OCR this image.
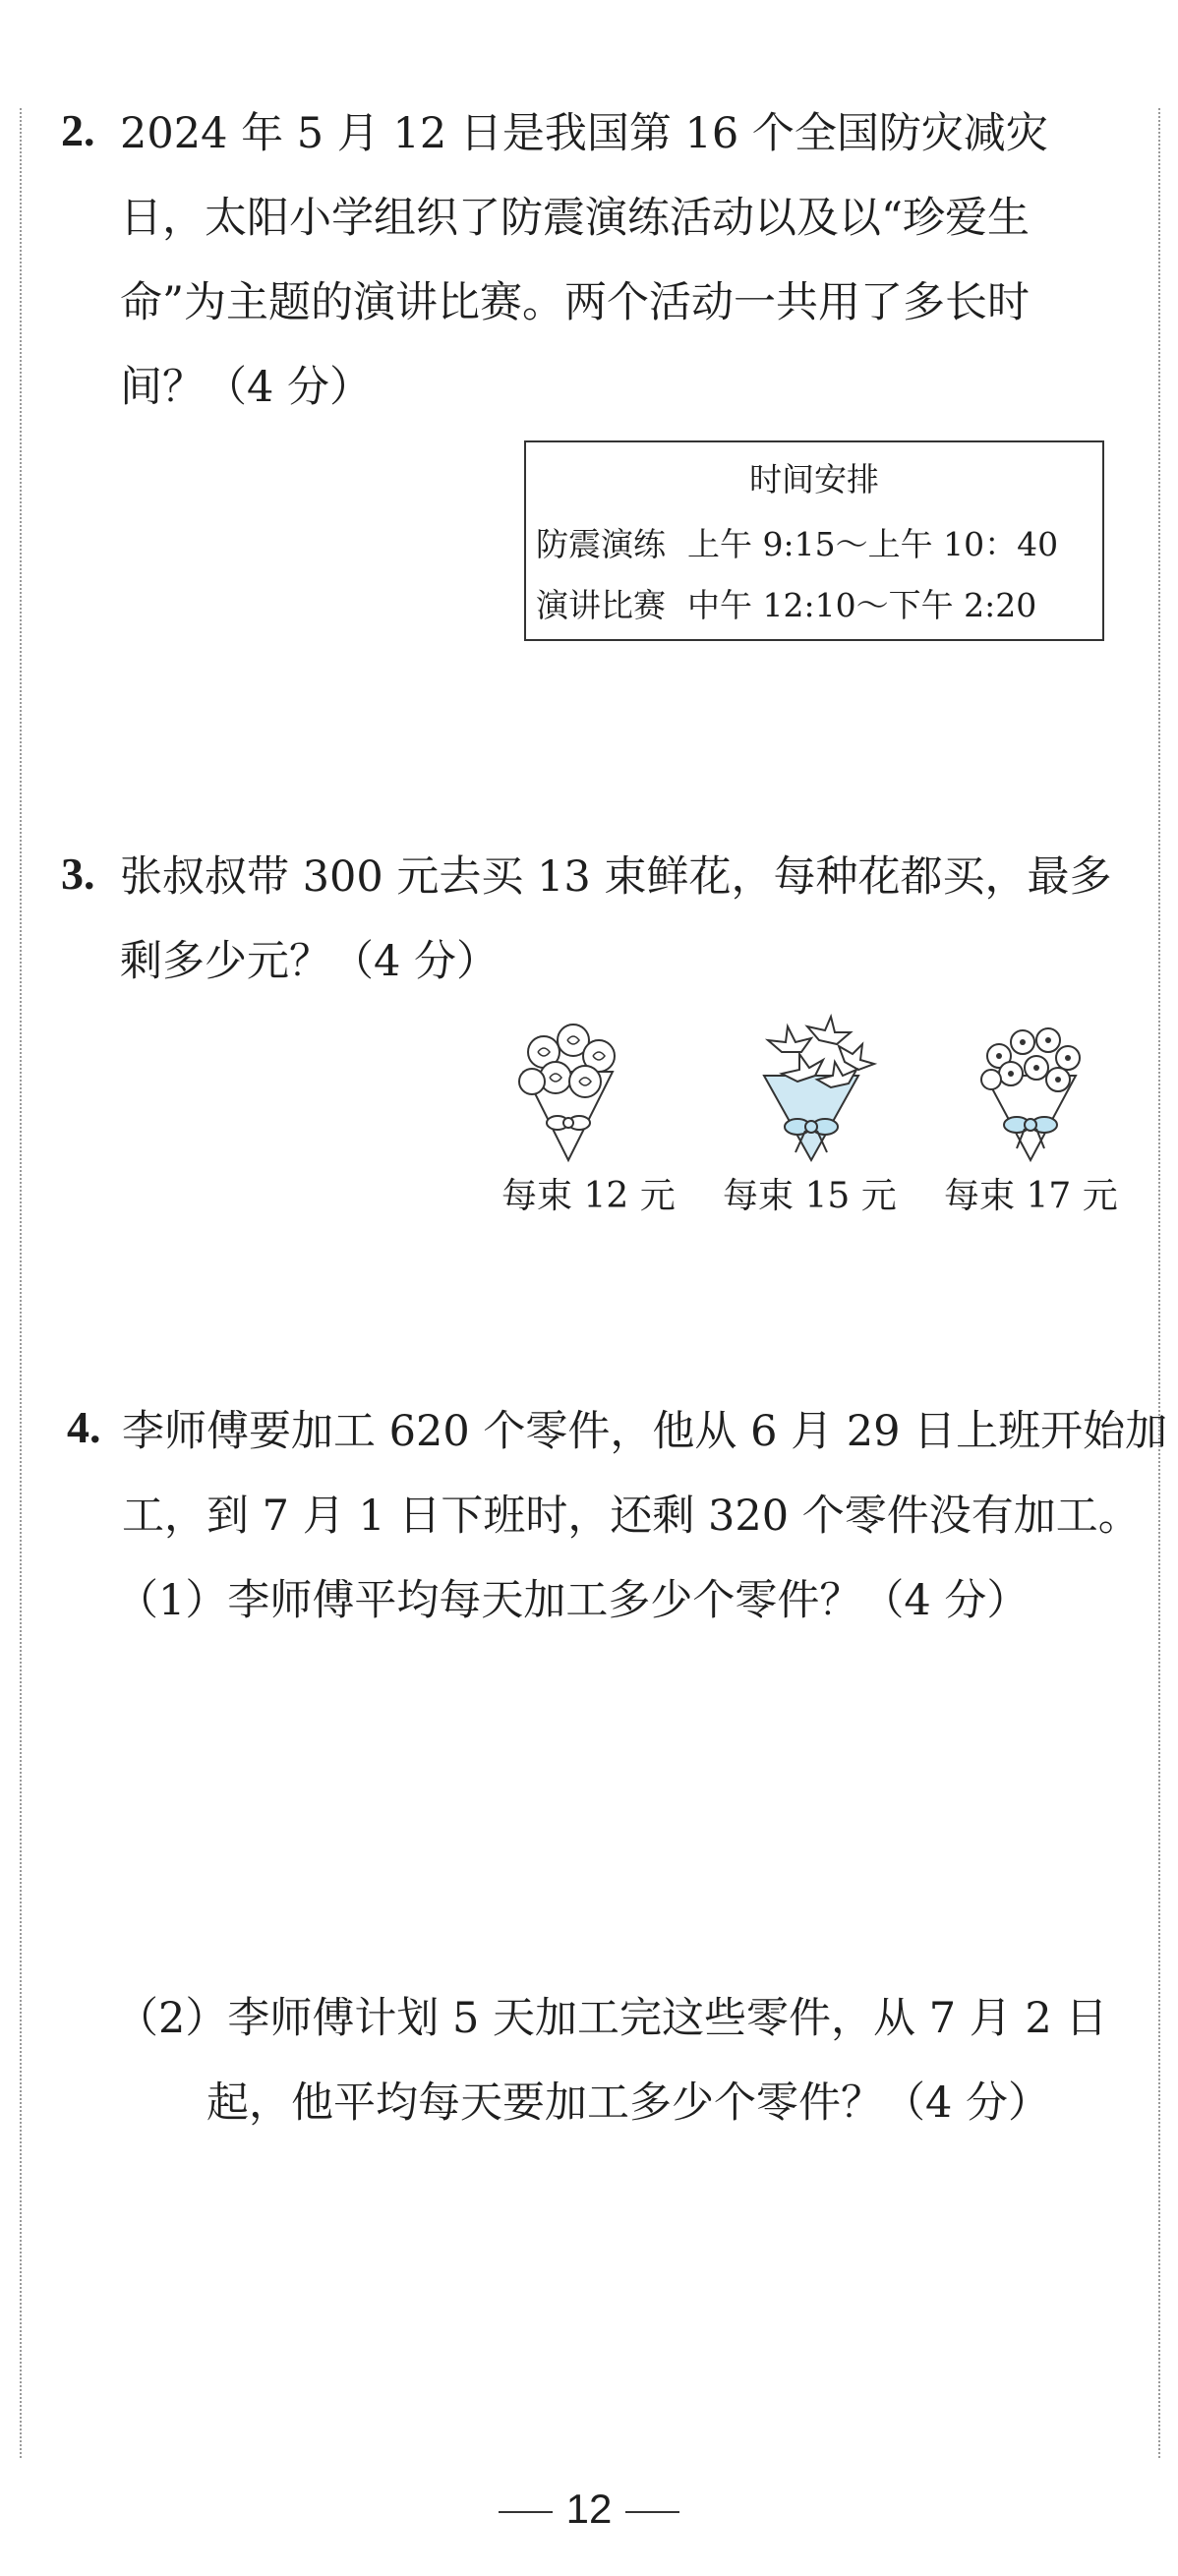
2. 2024 年 5 月 12 日是我国第 16 个全国防灾减灾
日，太阳小学组织了防震演练活动以及以“珍爱生
命”为主题的演讲比赛。两个活动一共用了多长时
间？（4 分）
时间安排
防震演练 上午 9:15～上午 10：40
演讲比赛 中午 12:10～下午 2:20
3. 张叔叔带 300 元去买 13 束鲜花，每种花都买，最多
剩多少元？（4 分）
每束 12 元 每束 15 元 每束 17 元
4. 李师傅要加工 620 个零件，他从 6 月 29 日上班开始加
工，到 7 月 1 日下班时，还剩 320 个零件没有加工。
（1）李师傅平均每天加工多少个零件？（4 分）
（2）李师傅计划 5 天加工完这些零件，从 7 月 2 日
起，他平均每天要加工多少个零件？（4 分）
12
